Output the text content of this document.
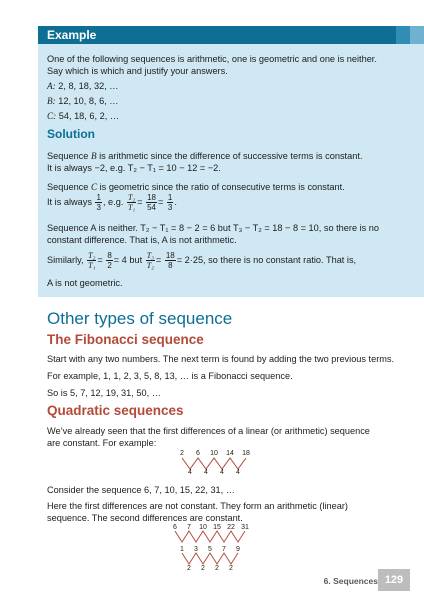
Example
One of the following sequences is arithmetic, one is geometric and one is neither.
Say which is which and justify your answers.
A: 2, 8, 18, 32, …
B: 12, 10, 8, 6, …
C: 54, 18, 6, 2, …
Solution
Sequence B is arithmetic since the difference of successive terms is constant.
It is always −2, e.g. T₂ − T₁ = 10 − 12 = −2.
Sequence C is geometric since the ratio of consecutive terms is constant.
It is always $\frac{1}{3}$ , e.g. $\frac{\text{T₂}}{\text{T₁}} = \frac{18}{54} = \frac{1}{3}$ .
Sequence A is neither. T₂ − T₁ = 8 − 2 = 6 but T₃ − T₂ = 18 − 8 = 10, so there is no
constant difference. That is, A is not arithmetic.
Similarly, $\frac{\text{T₂}}{\text{T₁}} = \frac{8}{2} = 4$ but $\frac{\text{T₃}}{\text{T₂}} = \frac{18}{8} = 2\cdot 25$, so there is no constant ratio. That is,
A is not geometric.
Other types of sequence
The Fibonacci sequence
Start with any two numbers. The next term is found by adding the two previous terms.
For example, 1, 1, 2, 3, 5, 8, 13, … is a Fibonacci sequence.
So is 5, 7, 12, 19, 31, 50, …
Quadratic sequences
We’ve already seen that the first differences of a linear (or arithmetic) sequence
are constant. For example:
2 6 10 14 18
4 4 4 4
Consider the sequence 6, 7, 10, 15, 22, 31, …
Here the first differences are not constant. They form an arithmetic (linear)
sequence. The second differences are constant.
6 7 10 15 22 31
1 3 5 7 9
2 2 2 2
6. Sequences 129
